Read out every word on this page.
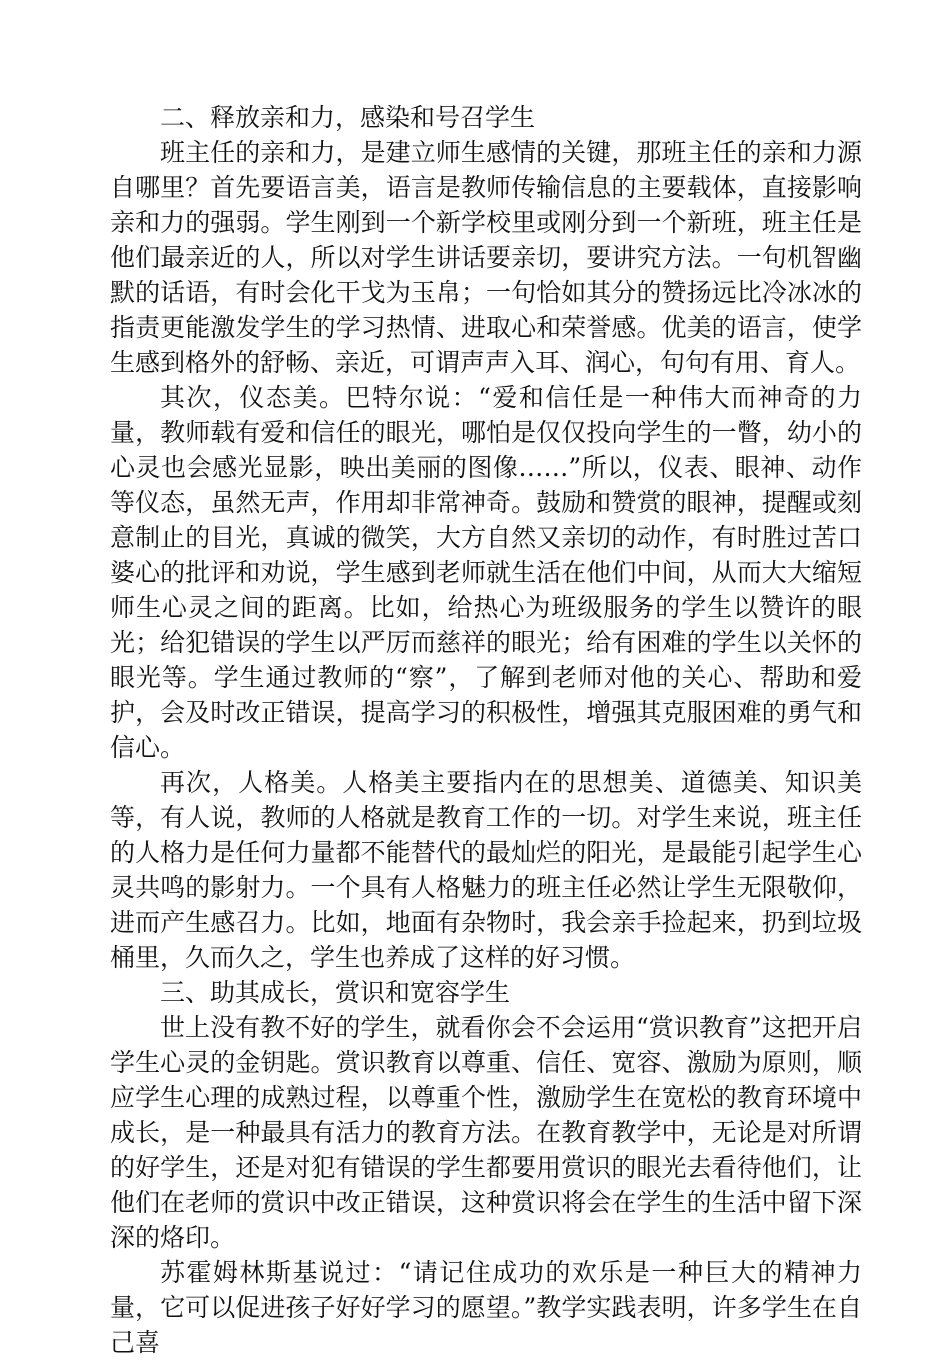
二、释放亲和力，感染和号召学生

班主任的亲和力，是建立师生感情的关键，那班主任的亲和力源自哪里？首先要语言美，语言是教师传输信息的主要载体，直接影响亲和力的强弱。学生刚到一个新学校里或刚分到一个新班，班主任是他们最亲近的人，所以对学生讲话要亲切，要讲究方法。一句机智幽默的话语，有时会化干戈为玉帛；一句恰如其分的赞扬远比冷冰冰的指责更能激发学生的学习热情、进取心和荣誉感。优美的语言，使学生感到格外的舒畅、亲近，可谓声声入耳、润心，句句有用、育人。

其次，仪态美。巴特尔说：“爱和信任是一种伟大而神奇的力量，教师载有爱和信任的眼光，哪怕是仅仅投向学生的一瞥，幼小的心灵也会感光显影，映出美丽的图像……”所以，仪表、眼神、动作等仪态，虽然无声，作用却非常神奇。鼓励和赞赏的眼神，提醒或刻意制止的目光，真诚的微笑，大方自然又亲切的动作，有时胜过苦口婆心的批评和劝说，学生感到老师就生活在他们中间，从而大大缩短师生心灵之间的距离。比如，给热心为班级服务的学生以赞许的眼光；给犯错误的学生以严厉而慈祥的眼光；给有困难的学生以关怀的眼光等。学生通过教师的“察”，了解到老师对他的关心、帮助和爱护，会及时改正错误，提高学习的积极性，增强其克服困难的勇气和信心。

再次，人格美。人格美主要指内在的思想美、道德美、知识美等，有人说，教师的人格就是教育工作的一切。对学生来说，班主任的人格力是任何力量都不能替代的最灿烂的阳光，是最能引起学生心灵共鸣的影射力。一个具有人格魅力的班主任必然让学生无限敬仰，进而产生感召力。比如，地面有杂物时，我会亲手捡起来，扔到垃圾桶里，久而久之，学生也养成了这样的好习惯。

三、助其成长，赏识和宽容学生

世上没有教不好的学生，就看你会不会运用“赏识教育”这把开启学生心灵的金钥匙。赏识教育以尊重、信任、宽容、激励为原则，顺应学生心理的成熟过程，以尊重个性，激励学生在宽松的教育环境中成长，是一种最具有活力的教育方法。在教育教学中，无论是对所谓的好学生，还是对犯有错误的学生都要用赏识的眼光去看待他们，让他们在老师的赏识中改正错误，这种赏识将会在学生的生活中留下深深的烙印。

苏霍姆林斯基说过：“请记住成功的欢乐是一种巨大的精神力量，它可以促进孩子好好学习的愿望。”教学实践表明，许多学生在自己喜
